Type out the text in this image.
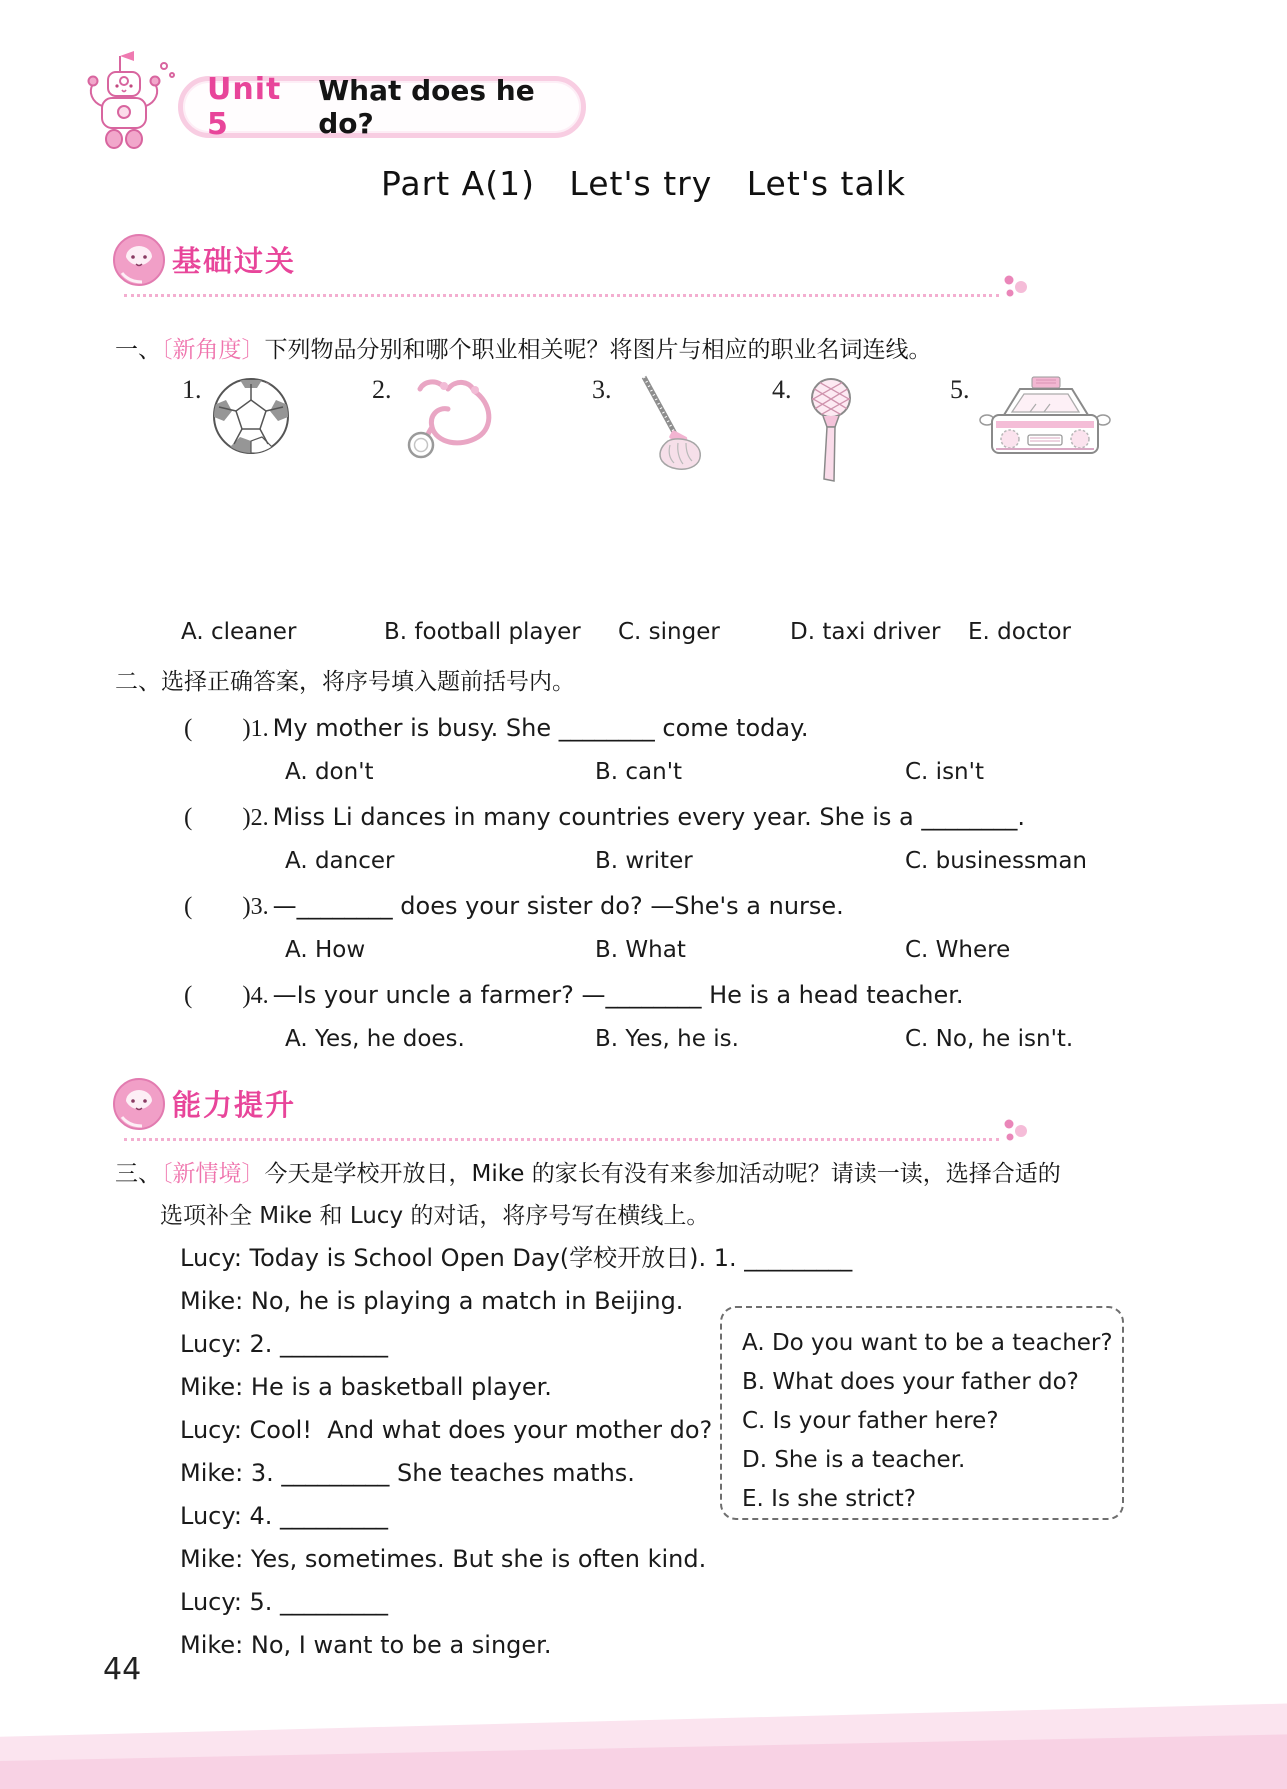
Unit 5
What does he do?
Part A(1)   Let's try   Let's talk
基础过关

一、〔新角度〕下列物品分别和哪个职业相关呢？将图片与相应的职业名词连线。

1.	2.	3.	4.	5.
A. cleaner	B. football player	C. singer	D. taxi driver	E. doctor

二、选择正确答案，将序号填入题前括号内。

(        )1. My mother is busy. She ________ come today.

A. don't	B. can't	C. isn't

(        )2. Miss Li dances in many countries every year. She is a ________.

A. dancer	B. writer	C. businessman

(        )3. —________ does your sister do? —She's a nurse.

A. How	B. What	C. Where

(        )4. —Is your uncle a farmer? —________ He is a head teacher.

A. Yes, he does.	B. Yes, he is.	C. No, he isn't.
能力提升

三、〔新情境〕今天是学校开放日，Mike 的家长有没有来参加活动呢？请读一读，选择合适的

选项补全 Mike 和 Lucy 的对话，将序号写在横线上。

Lucy: Today is School Open Day(学校开放日). 1. _________

Mike: No, he is playing a match in Beijing.

Lucy: 2. _________

Mike: He is a basketball player.

Lucy: Cool!  And what does your mother do?

Mike: 3. _________ She teaches maths.

Lucy: 4. _________

Mike: Yes, sometimes. But she is often kind.

Lucy: 5. _________

Mike: No, I want to be a singer.

A. Do you want to be a teacher?
B. What does your father do?
C. Is your father here?
D. She is a teacher.
E. Is she strict?
44
